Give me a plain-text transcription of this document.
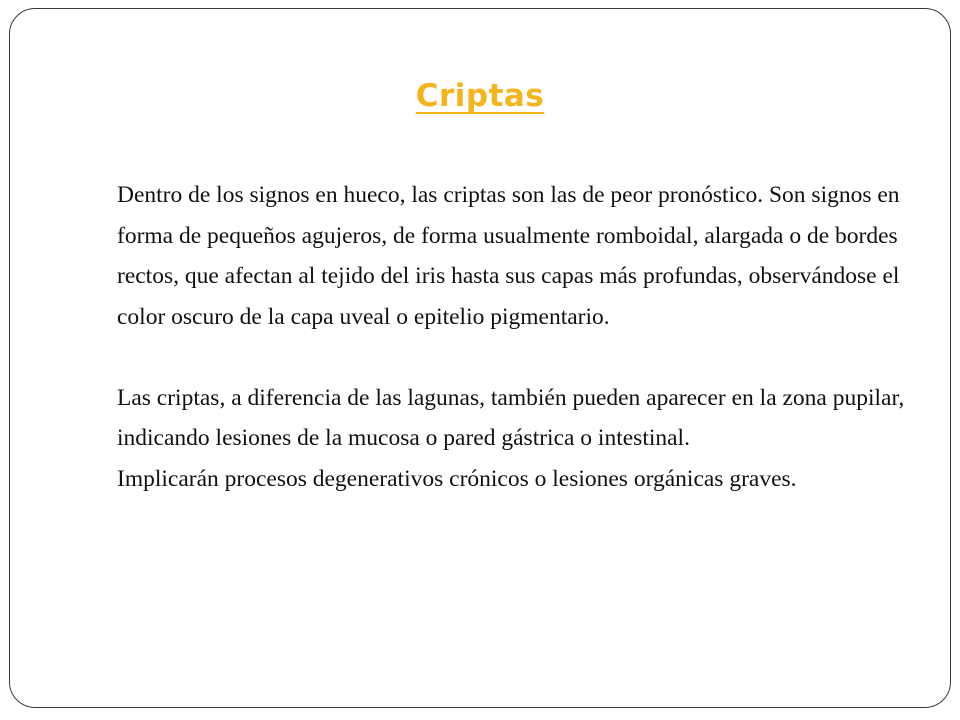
Criptas

Dentro de los signos en hueco, las criptas son las de peor pronóstico. Son signos en forma de pequeños agujeros, de forma usualmente romboidal, alargada o de bordes rectos, que afectan al tejido del iris hasta sus capas más profundas, observándose el color oscuro de la capa uveal o epitelio pigmentario.

Las criptas, a diferencia de las lagunas, también pueden aparecer en la zona pupilar, indicando lesiones de la mucosa o pared gástrica o intestinal.

Implicarán procesos degenerativos crónicos o lesiones orgánicas graves.
